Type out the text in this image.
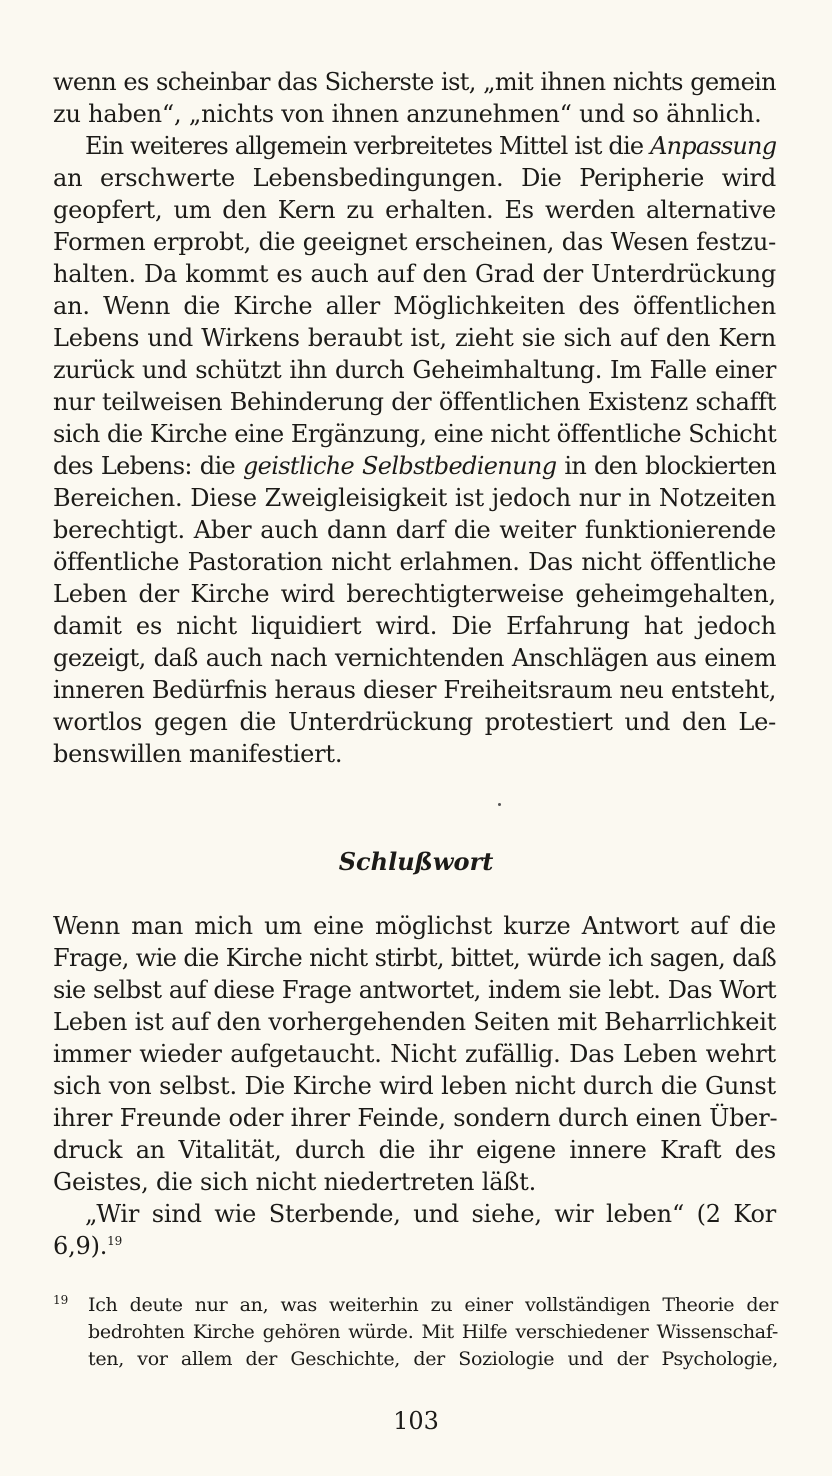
wenn es scheinbar das Sicherste ist, „mit ihnen nichts gemein

zu haben“, „nichts von ihnen anzunehmen“ und so ähnlich.

Ein weiteres allgemein verbreitetes Mittel ist die Anpassung

an erschwerte Lebensbedingungen. Die Peripherie wird

geopfert, um den Kern zu erhalten. Es werden alternative

Formen erprobt, die geeignet erscheinen, das Wesen festzu-

halten. Da kommt es auch auf den Grad der Unterdrückung

an. Wenn die Kirche aller Möglichkeiten des öffentlichen

Lebens und Wirkens beraubt ist, zieht sie sich auf den Kern

zurück und schützt ihn durch Geheimhaltung. Im Falle einer

nur teilweisen Behinderung der öffentlichen Existenz schafft

sich die Kirche eine Ergänzung, eine nicht öffentliche Schicht

des Lebens: die geistliche Selbstbedienung in den blockierten

Bereichen. Diese Zweigleisigkeit ist jedoch nur in Notzeiten

berechtigt. Aber auch dann darf die weiter funktionierende

öffentliche Pastoration nicht erlahmen. Das nicht öffentliche

Leben der Kirche wird berechtigterweise geheimgehalten,

damit es nicht liquidiert wird. Die Erfahrung hat jedoch

gezeigt, daß auch nach vernichtenden Anschlägen aus einem

inneren Bedürfnis heraus dieser Freiheitsraum neu entsteht,

wortlos gegen die Unterdrückung protestiert und den Le-

benswillen manifestiert.

Schlußwort

Wenn man mich um eine möglichst kurze Antwort auf die

Frage, wie die Kirche nicht stirbt, bittet, würde ich sagen, daß

sie selbst auf diese Frage antwortet, indem sie lebt. Das Wort

Leben ist auf den vorhergehenden Seiten mit Beharrlichkeit

immer wieder aufgetaucht. Nicht zufällig. Das Leben wehrt

sich von selbst. Die Kirche wird leben nicht durch die Gunst

ihrer Freunde oder ihrer Feinde, sondern durch einen Über-

druck an Vitalität, durch die ihr eigene innere Kraft des

Geistes, die sich nicht niedertreten läßt.

„Wir sind wie Sterbende, und siehe, wir leben“ (2 Kor

6,9).$^{19}$

19 Ich deute nur an, was weiterhin zu einer vollständigen Theorie der

bedrohten Kirche gehören würde. Mit Hilfe verschiedener Wissenschaf-

ten, vor allem der Geschichte, der Soziologie und der Psychologie,

103
